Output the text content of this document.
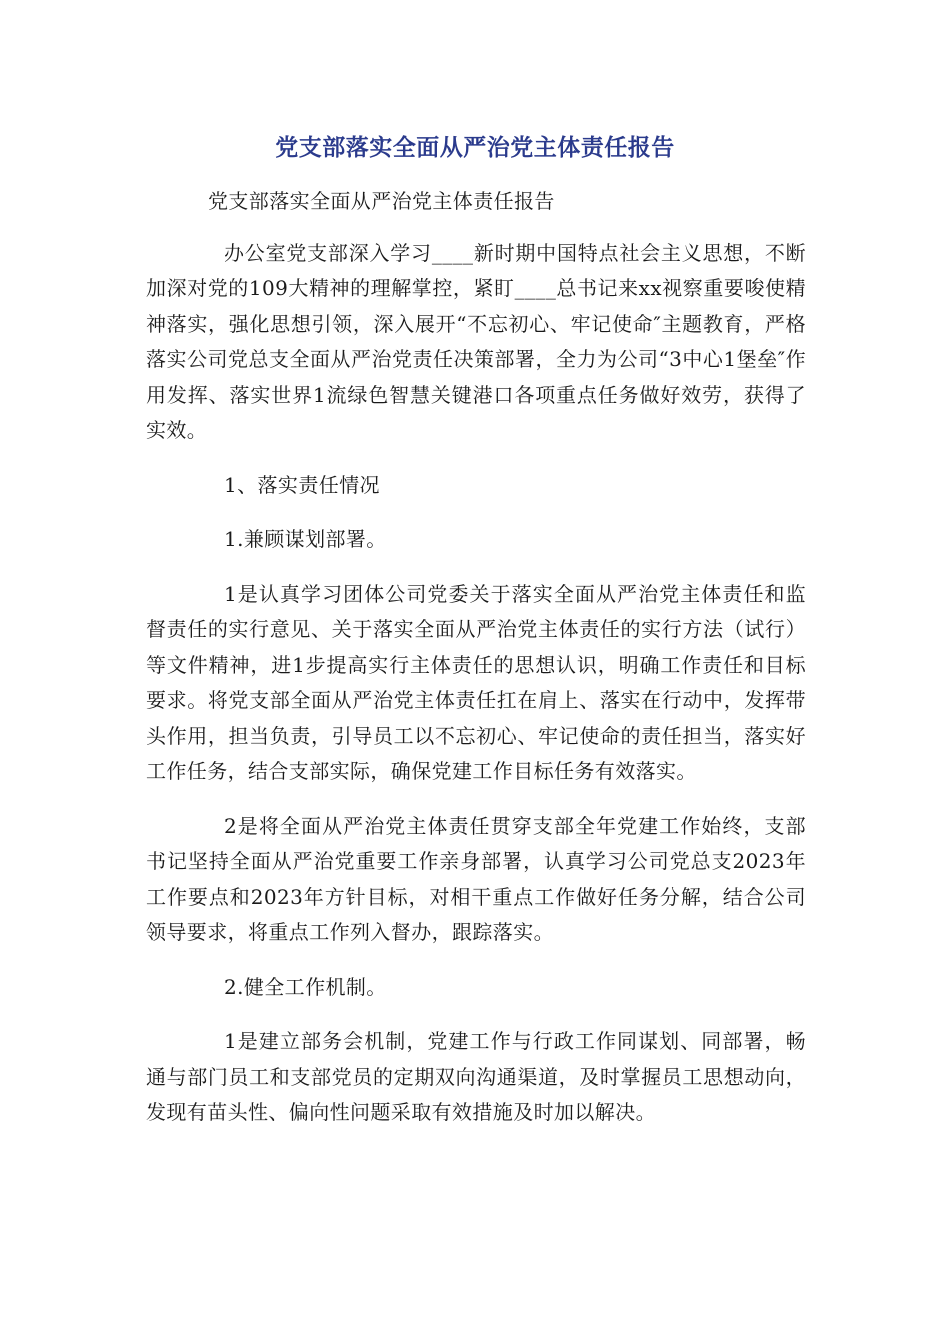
党支部落实全面从严治党主体责任报告

党支部落实全面从严治党主体责任报告

办公室党支部深入学习____新时期中国特点社会主义思想，不断加深对党的109大精神的理解掌控，紧盯____总书记来xx视察重要唆使精神落实，强化思想引领，深入展开“不忘初心、牢记使命″主题教育，严格落实公司党总支全面从严治党责任决策部署，全力为公司“3中心1堡垒″作用发挥、落实世界1流绿色智慧关键港口各项重点任务做好效劳，获得了实效。

1、落实责任情况

1.兼顾谋划部署。

1是认真学习团体公司党委关于落实全面从严治党主体责任和监督责任的实行意见、关于落实全面从严治党主体责任的实行方法（试行）等文件精神，进1步提高实行主体责任的思想认识，明确工作责任和目标要求。将党支部全面从严治党主体责任扛在肩上、落实在行动中，发挥带头作用，担当负责，引导员工以不忘初心、牢记使命的责任担当，落实好工作任务，结合支部实际，确保党建工作目标任务有效落实。

2是将全面从严治党主体责任贯穿支部全年党建工作始终，支部书记坚持全面从严治党重要工作亲身部署，认真学习公司党总支2023年工作要点和2023年方针目标，对相干重点工作做好任务分解，结合公司领导要求，将重点工作列入督办，跟踪落实。

2.健全工作机制。

1是建立部务会机制，党建工作与行政工作同谋划、同部署，畅通与部门员工和支部党员的定期双向沟通渠道，及时掌握员工思想动向，发现有苗头性、偏向性问题采取有效措施及时加以解决。
